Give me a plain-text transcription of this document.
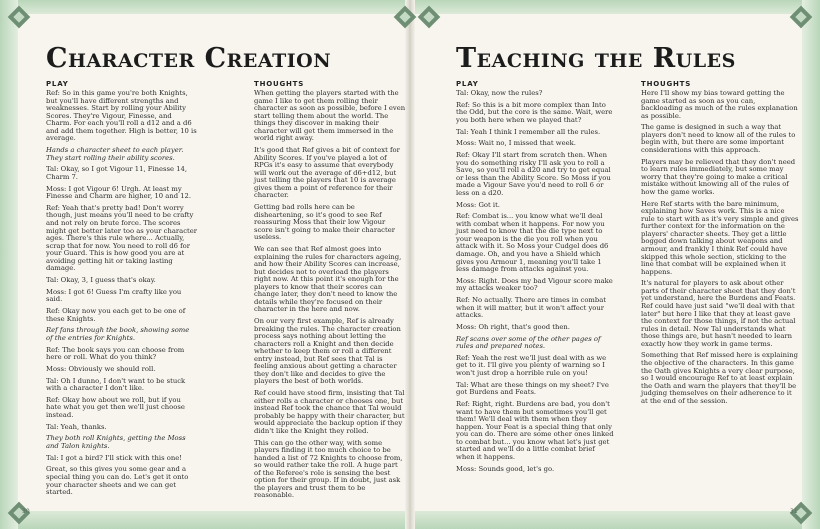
30	31
Character Creation
PLAY

Ref: So in this game you're both Knights, but you'll have different strengths and weaknesses. Start by rolling your Ability Scores. They're Vigour, Finesse, and Charm. For each you'll roll a d12 and a d6 and add them together. High is better, 10 is average.

Hands a character sheet to each player. They start rolling their ability scores.

Tal: Okay, so I got Vigour 11, Finesse 14, Charm 7.

Moss: I got Vigour 6! Urgh. At least my Finesse and Charm are higher, 10 and 12.

Ref: Yeah that's pretty bad! Don't worry though, just means you'll need to be crafty and not rely on brute force. The scores might get better later too as your character ages. There's this rule where... Actually, scrap that for now. You need to roll d6 for your Guard. This is how good you are at avoiding getting hit or taking lasting damage.

Tal: Okay, 3, I guess that's okay.

Moss: I got 6! Guess I'm crafty like you said.

Ref: Okay now you each get to be one of these Knights.

Ref fans through the book, showing some of the entries for Knights.

Ref: The book says you can choose from here or roll. What do you think?

Moss: Obviously we should roll.

Tal: Oh I dunno, I don't want to be stuck with a character I don't like.

Ref: Okay how about we roll, but if you hate what you get then we'll just choose instead.

Tal: Yeah, thanks.

They both roll Knights, getting the Moss and Talon knights.

Tal: I got a bird? I'll stick with this one!

Great, so this gives you some gear and a special thing you can do. Let's get it onto your character sheets and we can get started.

THOUGHTS

When getting the players started with the game I like to get them rolling their character as soon as possible, before I even start telling them about the world. The things they discover in making their character will get them immersed in the world right away.

It's good that Ref gives a bit of context for Ability Scores. If you've played a lot of RPGs it's easy to assume that everybody will work out the average of d6+d12, but just telling the players that 10 is average gives them a point of reference for their character.

Getting bad rolls here can be disheartening, so it's good to see Ref reassuring Moss that their low Vigour score isn't going to make their character useless.

We can see that Ref almost goes into explaining the rules for characters ageing, and how their Ability Scores can increase, but decides not to overload the players right now. At this point it's enough for the players to know that their scores can change later, they don't need to know the details while they're focused on their character in the here and now.

On our very first example, Ref is already breaking the rules. The character creation process says nothing about letting the characters roll a Knight and then decide whether to keep them or roll a different entry instead, but Ref sees that Tal is feeling anxious about getting a character they don't like and decides to give the players the best of both worlds.

Ref could have stood firm, insisting that Tal either rolls a character or chooses one, but instead Ref took the chance that Tal would probably be happy with their character, but would appreciate the backup option if they didn't like the Knight they rolled.

This can go the other way, with some players finding it too much choice to be handed a list of 72 Knights to choose from, so would rather take the roll. A huge part of the Referee's role is sensing the best option for their group. If in doubt, just ask the players and trust them to be reasonable.

Teaching the Rules
PLAY

Tal: Okay, now the rules?

Ref: So this is a bit more complex than Into the Odd, but the core is the same. Wait, were you both here when we played that?

Tal: Yeah I think I remember all the rules.

Moss: Wait no, I missed that week.

Ref: Okay I'll start from scratch then. When you do something risky I'll ask you to roll a Save, so you'll roll a d20 and try to get equal or less than the Ability Score. So Moss if you made a Vigour Save you'd need to roll 6 or less on a d20.

Moss: Got it.

Ref: Combat is... you know what we'll deal with combat when it happens. For now you just need to know that the die type next to your weapon is the die you roll when you attack with it. So Moss your Cudgel does d6 damage. Oh, and you have a Shield which gives you Armour 1, meaning you'll take 1 less damage from attacks against you.

Moss: Right. Does my bad Vigour score make my attacks weaker too?

Ref: No actually. There are times in combat when it will matter, but it won't affect your attacks.

Moss: Oh right, that's good then.

Ref scans over some of the other pages of rules and prepared notes.

Ref: Yeah the rest we'll just deal with as we get to it. I'll give you plenty of warning so I won't just drop a horrible rule on you!

Tal: What are these things on my sheet? I've got Burdens and Feats.

Ref: Right, right. Burdens are bad, you don't want to have them but sometimes you'll get them! We'll deal with them when they happen. Your Feat is a special thing that only you can do. There are some other ones linked to combat but... you know what let's just get started and we'll do a little combat brief when it happens.

Moss: Sounds good, let's go.

THOUGHTS

Here I'll show my bias toward getting the game started as soon as you can, backloading as much of the rules explanation as possible.

The game is designed in such a way that players don't need to know all of the rules to begin with, but there are some important considerations with this approach.

Players may be relieved that they don't need to learn rules immediately, but some may worry that they're going to make a critical mistake without knowing all of the rules of how the game works.

Here Ref starts with the bare minimum, explaining how Saves work. This is a nice rule to start with as it's very simple and gives further context for the information on the players' character sheets. They get a little bogged down talking about weapons and armour, and frankly I think Ref could have skipped this whole section, sticking to the line that combat will be explained when it happens.

It's natural for players to ask about other parts of their character sheet that they don't yet understand, here the Burdens and Feats. Ref could have just said "we'll deal with that later" but here I like that they at least gave the context for those things, if not the actual rules in detail. Now Tal understands what those things are, but hasn't needed to learn exactly how they work in game terms.

Something that Ref missed here is explaining the objective of the characters. In this game the Oath gives Knights a very clear purpose, so I would encourage Ref to at least explain the Oath and warn the players that they'll be judging themselves on their adherence to it at the end of the session.
